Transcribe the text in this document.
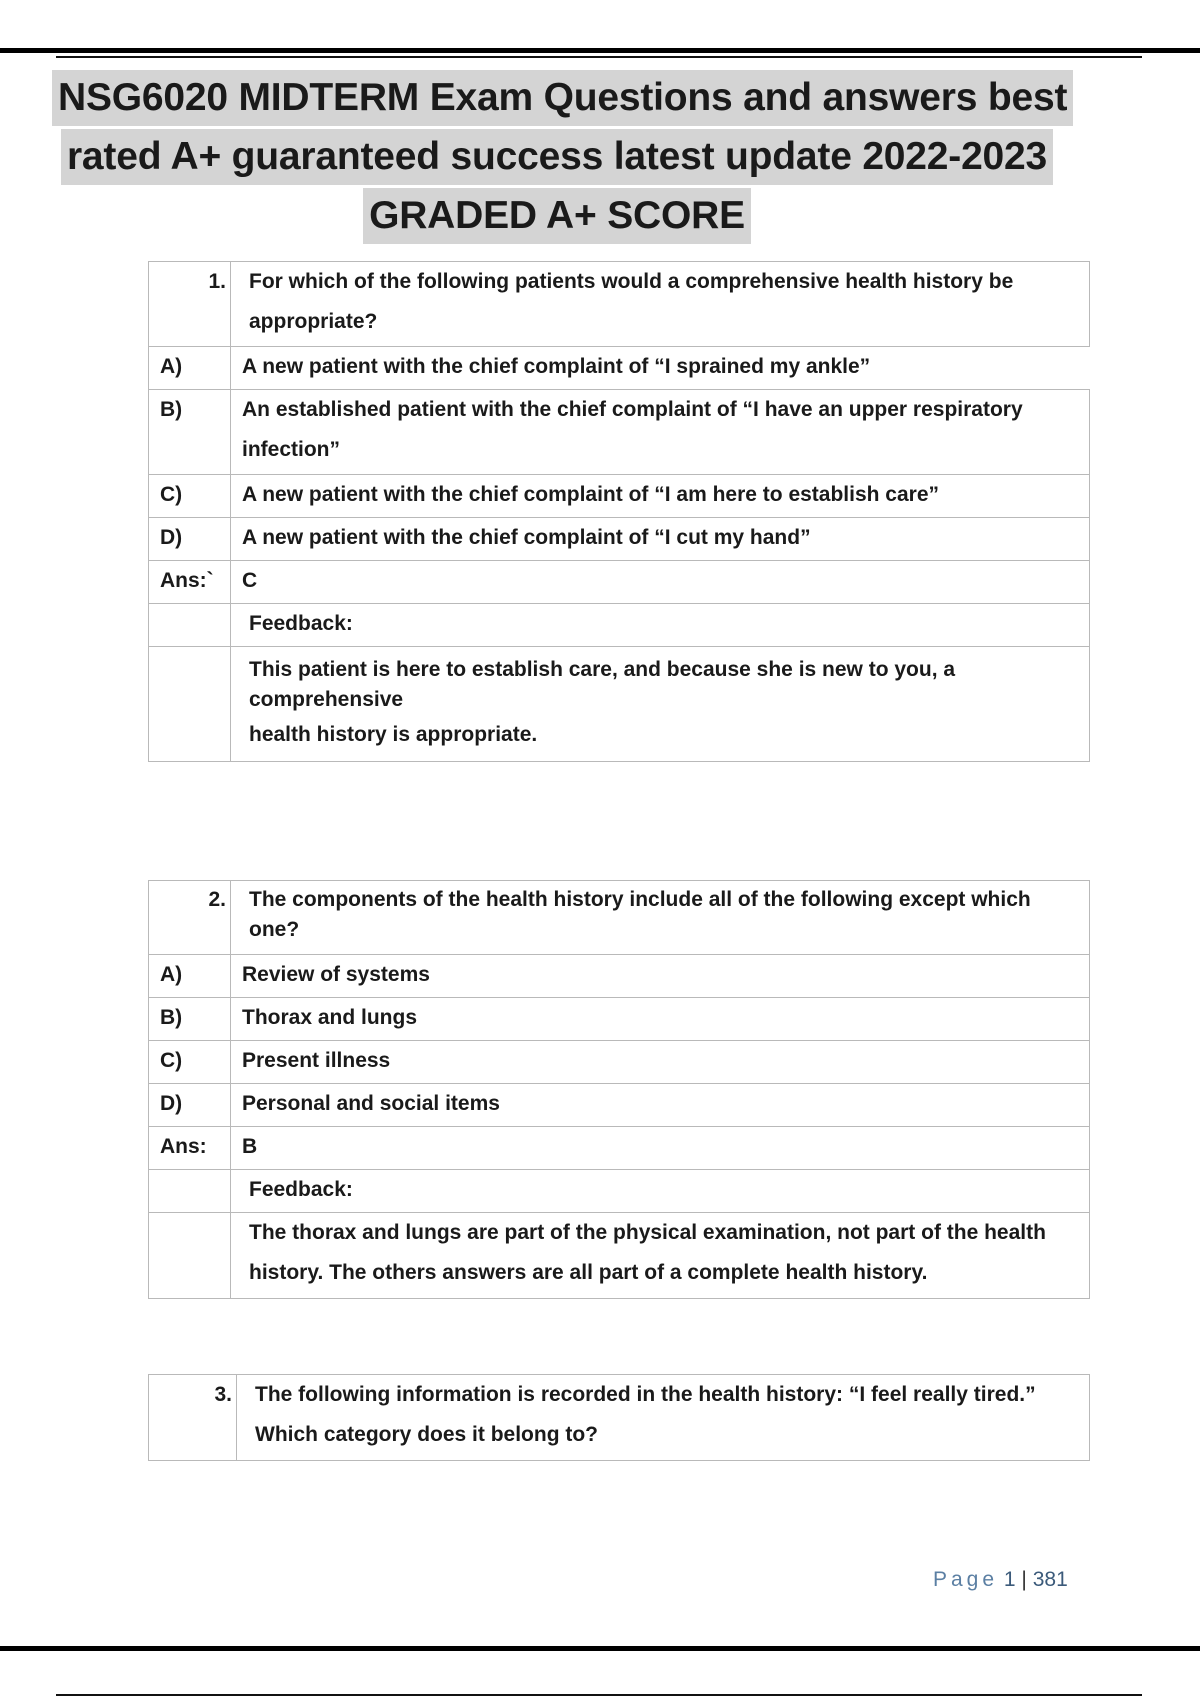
NSG6020 MIDTERM Exam Questions and answers best
rated A+ guaranteed success latest update 2022-2023
GRADED A+ SCORE
1.	For which of the following patients would a comprehensive health history be
appropriate?

A)	A new patient with the chief complaint of “I sprained my ankle”
B)	An established patient with the chief complaint of “I have an upper respiratory
infection”

C)	A new patient with the chief complaint of “I am here to establish care”
D)	A new patient with the chief complaint of “I cut my hand”
Ans:`	C
	Feedback:

	This patient is here to establish care, and because she is new to you, a
comprehensive
health history is appropriate.
2.	The components of the health history include all of the following except which
one?

A)	Review of systems
B)	Thorax and lungs
C)	Present illness
D)	Personal and social items
Ans:	B
	Feedback:

	The thorax and lungs are part of the physical examination, not part of the health
history. The others answers are all part of a complete health history.
3.	The following information is recorded in the health history: “I feel really tired.”
Which category does it belong to?
Page 1 | 381
